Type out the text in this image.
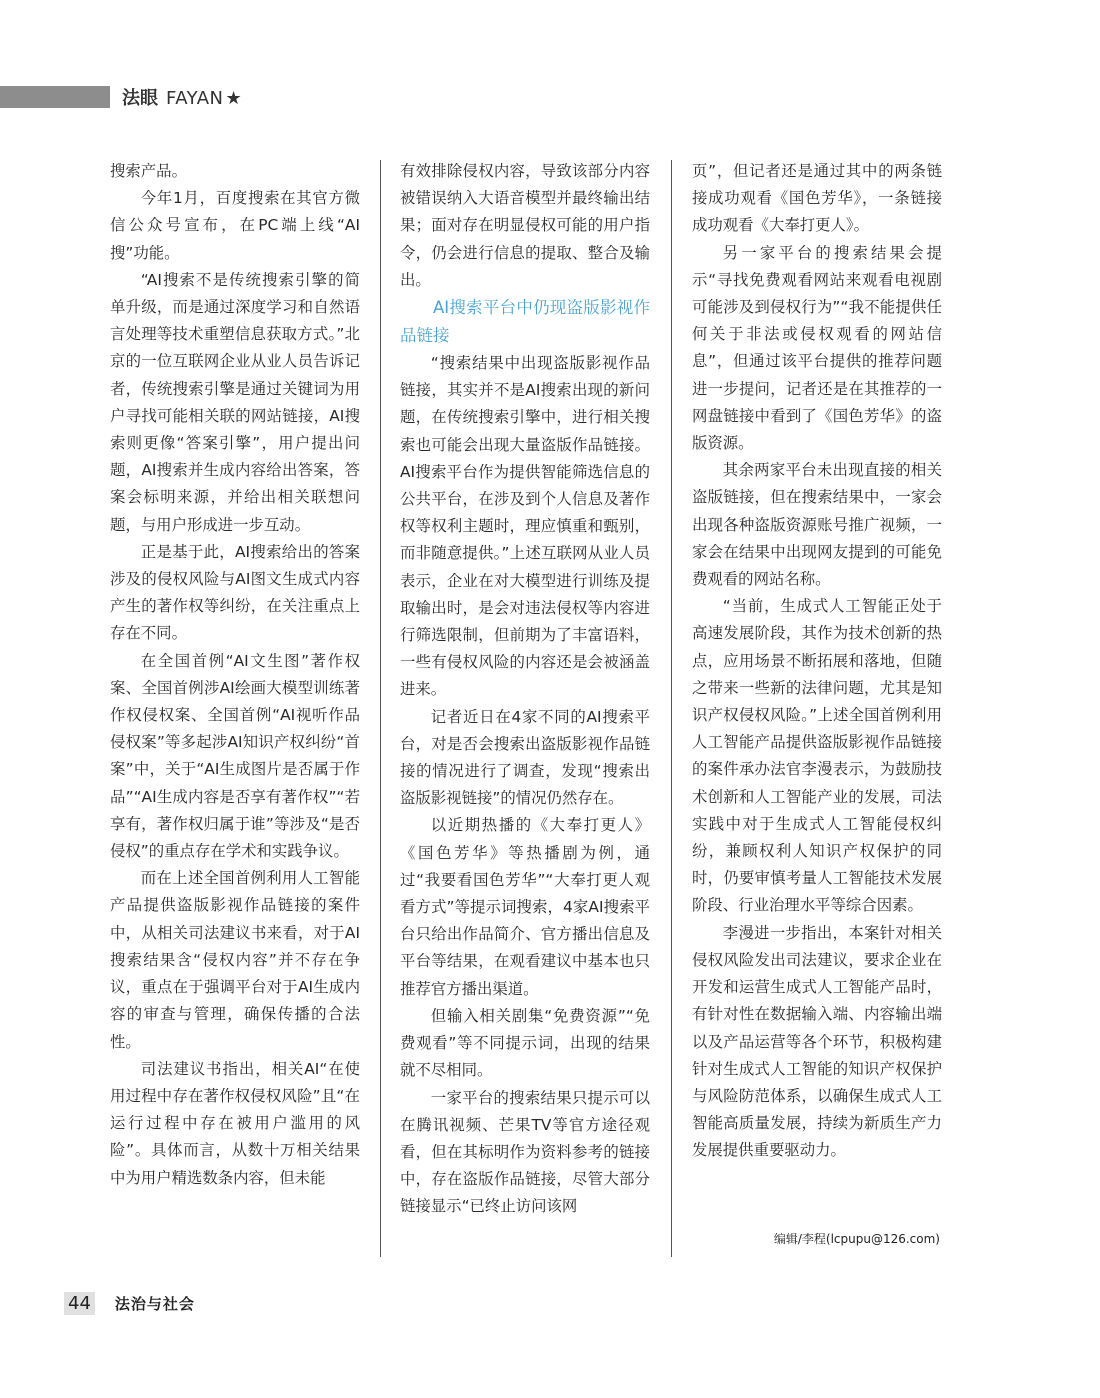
法眼 FAYAN ★

搜索产品。

今年1月，百度搜索在其官方微信公众号宣布，在PC端上线“AI搜”功能。

“AI搜索不是传统搜索引擎的简单升级，而是通过深度学习和自然语言处理等技术重塑信息获取方式。”北京的一位互联网企业从业人员告诉记者，传统搜索引擎是通过关键词为用户寻找可能相关联的网站链接，AI搜索则更像“答案引擎”，用户提出问题，AI搜索并生成内容给出答案，答案会标明来源，并给出相关联想问题，与用户形成进一步互动。

正是基于此，AI搜索给出的答案涉及的侵权风险与AI图文生成式内容产生的著作权等纠纷，在关注重点上存在不同。

在全国首例“AI文生图”著作权案、全国首例涉AI绘画大模型训练著作权侵权案、全国首例“AI视听作品侵权案”等多起涉AI知识产权纠纷“首案”中，关于“AI生成图片是否属于作品”“AI生成内容是否享有著作权”“若享有，著作权归属于谁”等涉及“是否侵权”的重点存在学术和实践争议。

而在上述全国首例利用人工智能产品提供盗版影视作品链接的案件中，从相关司法建议书来看，对于AI搜索结果含“侵权内容”并不存在争议，重点在于强调平台对于AI生成内容的审查与管理，确保传播的合法性。

司法建议书指出，相关AI“在使用过程中存在著作权侵权风险”且“在运行过程中存在被用户滥用的风险”。具体而言，从数十万相关结果中为用户精选数条内容，但未能

有效排除侵权内容，导致该部分内容被错误纳入大语音模型并最终输出结果；面对存在明显侵权可能的用户指令，仍会进行信息的提取、整合及输出。

AI搜索平台中仍现盗版影视作品链接

“搜索结果中出现盗版影视作品链接，其实并不是AI搜索出现的新问题，在传统搜索引擎中，进行相关搜索也可能会出现大量盗版作品链接。AI搜索平台作为提供智能筛选信息的公共平台，在涉及到个人信息及著作权等权利主题时，理应慎重和甄别，而非随意提供。”上述互联网从业人员表示，企业在对大模型进行训练及提取输出时，是会对违法侵权等内容进行筛选限制，但前期为了丰富语料，一些有侵权风险的内容还是会被涵盖进来。

记者近日在4家不同的AI搜索平台，对是否会搜索出盗版影视作品链接的情况进行了调查，发现“搜索出盗版影视链接”的情况仍然存在。

以近期热播的《大奉打更人》《国色芳华》等热播剧为例，通过“我要看国色芳华”“大奉打更人观看方式”等提示词搜索，4家AI搜索平台只给出作品简介、官方播出信息及平台等结果，在观看建议中基本也只推荐官方播出渠道。

但输入相关剧集“免费资源”“免费观看”等不同提示词，出现的结果就不尽相同。

一家平台的搜索结果只提示可以在腾讯视频、芒果TV等官方途径观看，但在其标明作为资料参考的链接中，存在盗版作品链接，尽管大部分链接显示“已终止访问该网

页”，但记者还是通过其中的两条链接成功观看《国色芳华》，一条链接成功观看《大奉打更人》。

另一家平台的搜索结果会提示“寻找免费观看网站来观看电视剧可能涉及到侵权行为”“我不能提供任何关于非法或侵权观看的网站信息”，但通过该平台提供的推荐问题进一步提问，记者还是在其推荐的一网盘链接中看到了《国色芳华》的盗版资源。

其余两家平台未出现直接的相关盗版链接，但在搜索结果中，一家会出现各种盗版资源账号推广视频，一家会在结果中出现网友提到的可能免费观看的网站名称。

“当前，生成式人工智能正处于高速发展阶段，其作为技术创新的热点，应用场景不断拓展和落地，但随之带来一些新的法律问题，尤其是知识产权侵权风险。”上述全国首例利用人工智能产品提供盗版影视作品链接的案件承办法官李漫表示，为鼓励技术创新和人工智能产业的发展，司法实践中对于生成式人工智能侵权纠纷，兼顾权利人知识产权保护的同时，仍要审慎考量人工智能技术发展阶段、行业治理水平等综合因素。

李漫进一步指出，本案针对相关侵权风险发出司法建议，要求企业在开发和运营生成式人工智能产品时，有针对性在数据输入端、内容输出端以及产品运营等各个环节，积极构建针对生成式人工智能的知识产权保护与风险防范体系，以确保生成式人工智能高质量发展，持续为新质生产力发展提供重要驱动力。

编辑/李程(lcpupu@126.com)
44 法治与社会
